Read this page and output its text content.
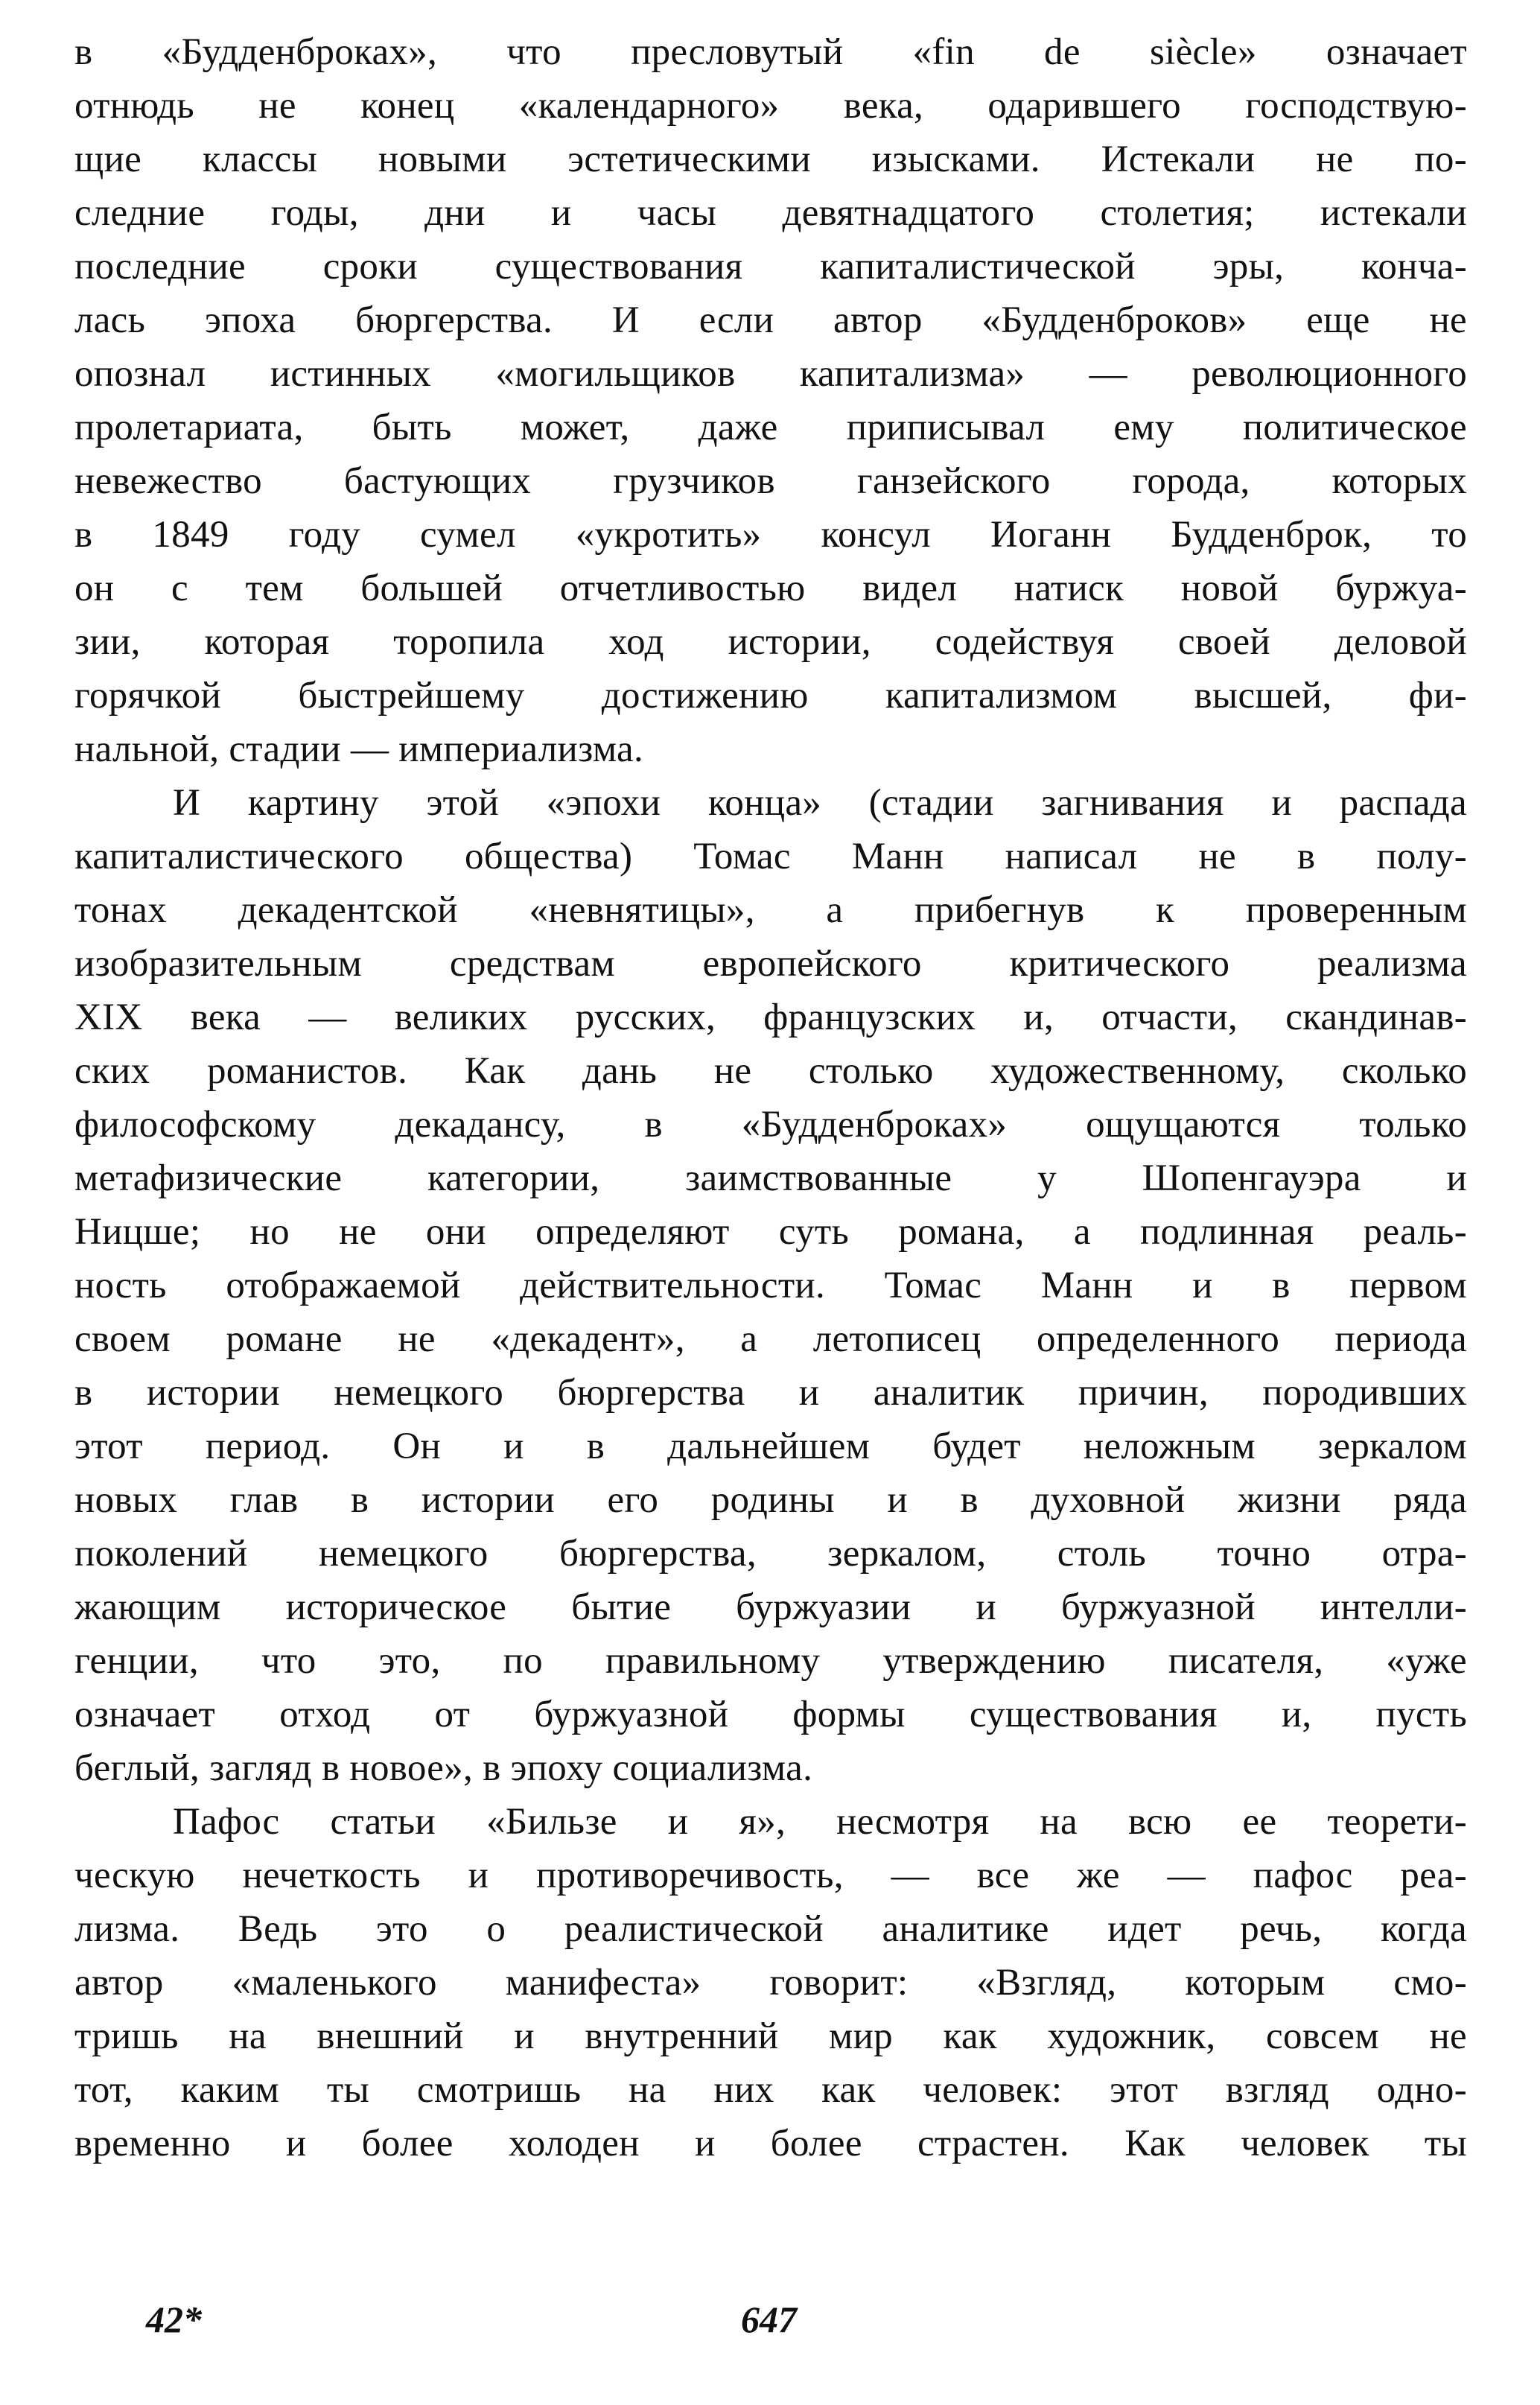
в «Будденброках», что пресловутый «fin de siècle» означает
отнюдь не конец «календарного» века, одарившего господствую-
щие классы новыми эстетическими изысками. Истекали не по-
следние годы, дни и часы девятнадцатого столетия; истекали
последние сроки существования капиталистической эры, конча-
лась эпоха бюргерства. И если автор «Будденброков» еще не
опознал истинных «могильщиков капитализма» — революционного
пролетариата, быть может, даже приписывал ему политическое
невежество бастующих грузчиков ганзейского города, которых
в 1849 году сумел «укротить» консул Иоганн Будденброк, то
он с тем большей отчетливостью видел натиск новой буржуа-
зии, которая торопила ход истории, содействуя своей деловой
горячкой быстрейшему достижению капитализмом высшей, фи-
нальной, стадии — империализма.
И картину этой «эпохи конца» (стадии загнивания и распада
капиталистического общества) Томас Манн написал не в полу-
тонах декадентской «невнятицы», а прибегнув к проверенным
изобразительным средствам европейского критического реализма
XIX века — великих русских, французских и, отчасти, скандинав-
ских романистов. Как дань не столько художественному, сколько
философскому декадансу, в «Будденброках» ощущаются только
метафизические категории, заимствованные у Шопенгауэра и
Ницше; но не они определяют суть романа, а подлинная реаль-
ность отображаемой действительности. Томас Манн и в первом
своем романе не «декадент», а летописец определенного периода
в истории немецкого бюргерства и аналитик причин, породивших
этот период. Он и в дальнейшем будет неложным зеркалом
новых глав в истории его родины и в духовной жизни ряда
поколений немецкого бюргерства, зеркалом, столь точно отра-
жающим историческое бытие буржуазии и буржуазной интелли-
генции, что это, по правильному утверждению писателя, «уже
означает отход от буржуазной формы существования и, пусть
беглый, загляд в новое», в эпоху социализма.
Пафос статьи «Бильзе и я», несмотря на всю ее теорети-
ческую нечеткость и противоречивость, — все же — пафос реа-
лизма. Ведь это о реалистической аналитике идет речь, когда
автор «маленького манифеста» говорит: «Взгляд, которым смо-
тришь на внешний и внутренний мир как художник, совсем не
тот, каким ты смотришь на них как человек: этот взгляд одно-
временно и более холоден и более страстен. Как человек ты
42*	647
